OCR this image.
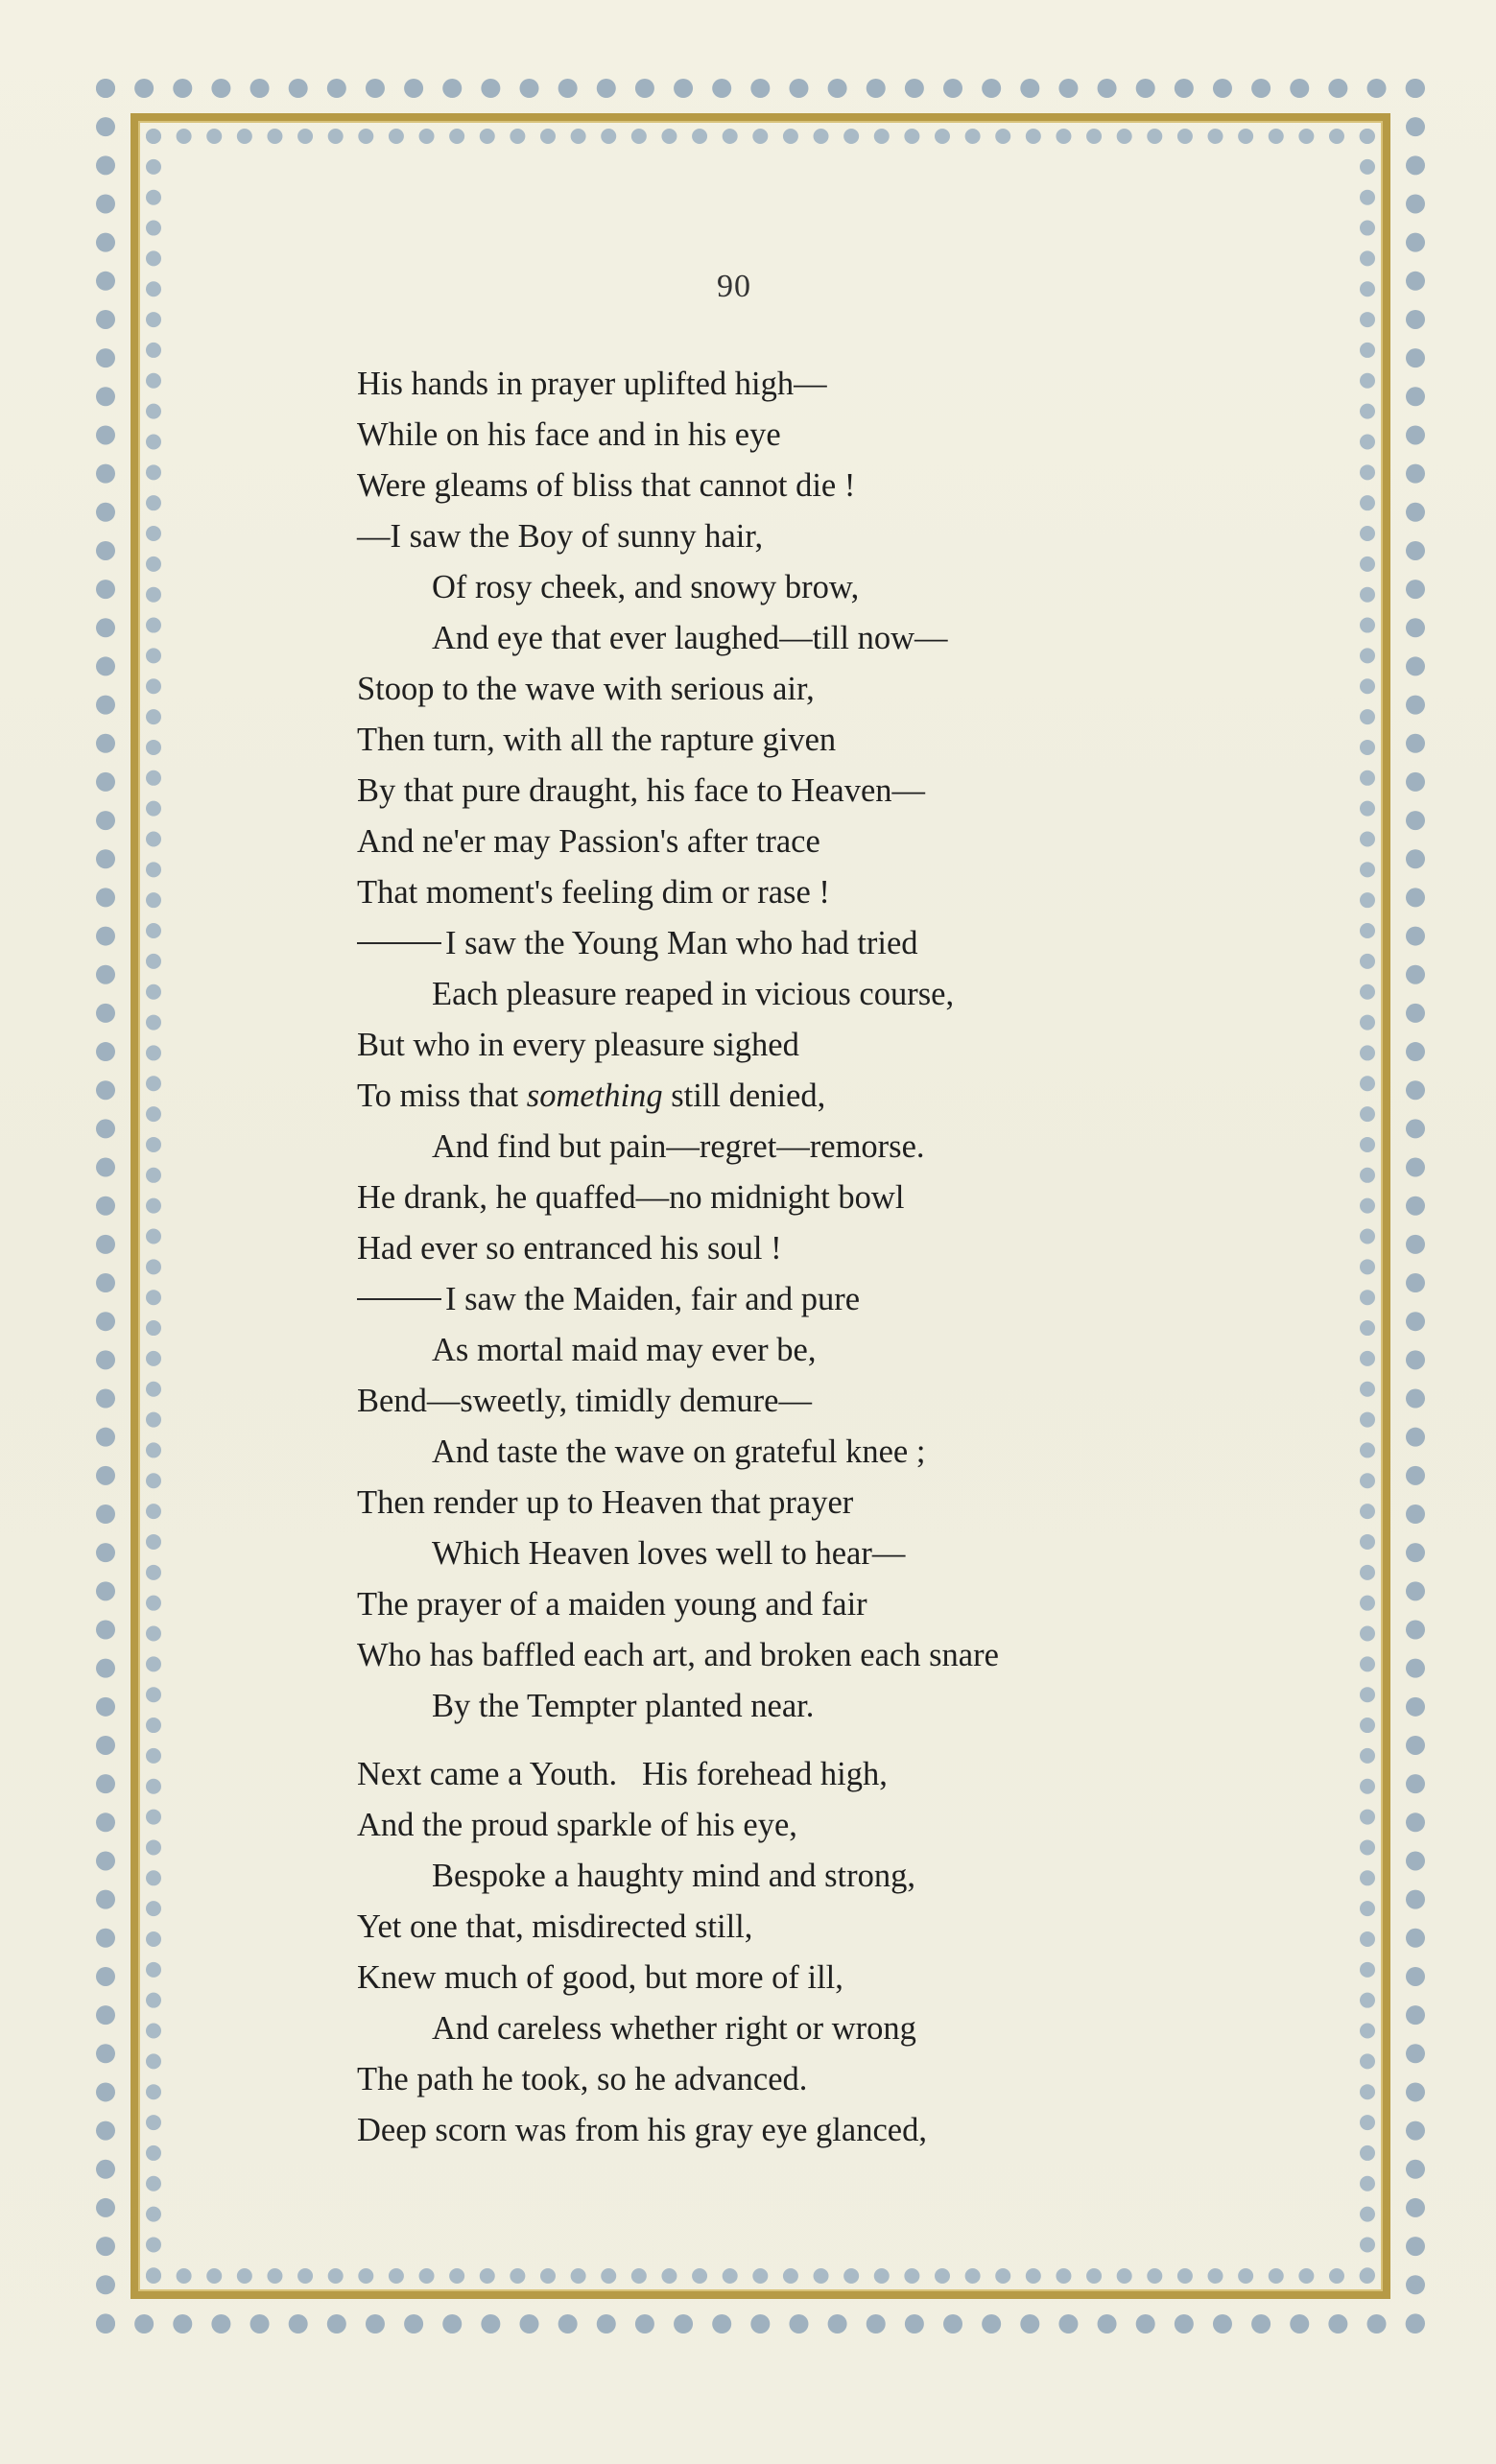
90
His hands in prayer uplifted high—
While on his face and in his eye
Were gleams of bliss that cannot die !
—I saw the Boy of sunny hair,
Of rosy cheek, and snowy brow,
And eye that ever laughed—till now—
Stoop to the wave with serious air,
Then turn, with all the rapture given
By that pure draught, his face to Heaven—
And ne'er may Passion's after trace
That moment's feeling dim or rase !
I saw the Young Man who had tried
Each pleasure reaped in vicious course,
But who in every pleasure sighed
To miss that something still denied,
And find but pain—regret—remorse.
He drank, he quaffed—no midnight bowl
Had ever so entranced his soul !
I saw the Maiden, fair and pure
As mortal maid may ever be,
Bend—sweetly, timidly demure—
And taste the wave on grateful knee ;
Then render up to Heaven that prayer
Which Heaven loves well to hear—
The prayer of a maiden young and fair
Who has baffled each art, and broken each snare
By the Tempter planted near.
Next came a Youth.   His forehead high,
And the proud sparkle of his eye,
Bespoke a haughty mind and strong,
Yet one that, misdirected still,
Knew much of good, but more of ill,
And careless whether right or wrong
The path he took, so he advanced.
Deep scorn was from his gray eye glanced,
